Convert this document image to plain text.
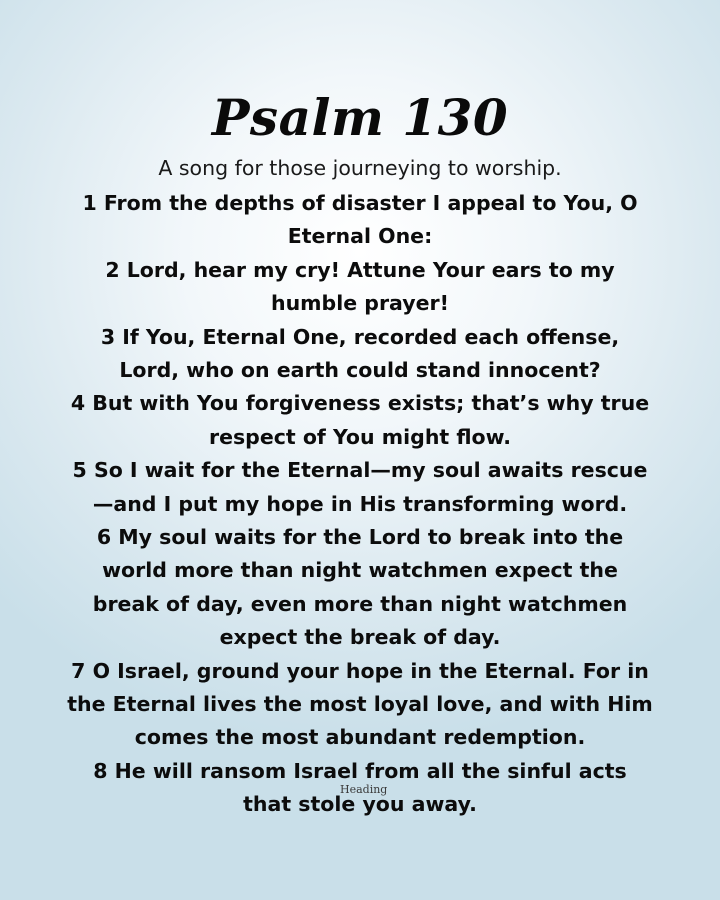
Psalm 130
A song for those journeying to worship.
1 From the depths of disaster I appeal to You, O
Eternal One:
2 Lord, hear my cry! Attune Your ears to my
humble prayer!
3 If You, Eternal One, recorded each offense,
Lord, who on earth could stand innocent?
4 But with You forgiveness exists; that’s why true
respect of You might flow.
5 So I wait for the Eternal—my soul awaits rescue
—and I put my hope in His transforming word.
6 My soul waits for the Lord to break into the
world more than night watchmen expect the
break of day, even more than night watchmen
expect the break of day.
7 O Israel, ground your hope in the Eternal. For in
the Eternal lives the most loyal love, and with Him
comes the most abundant redemption.
8 He will ransom Israel from all the sinful acts
that stole you away.
Heading
